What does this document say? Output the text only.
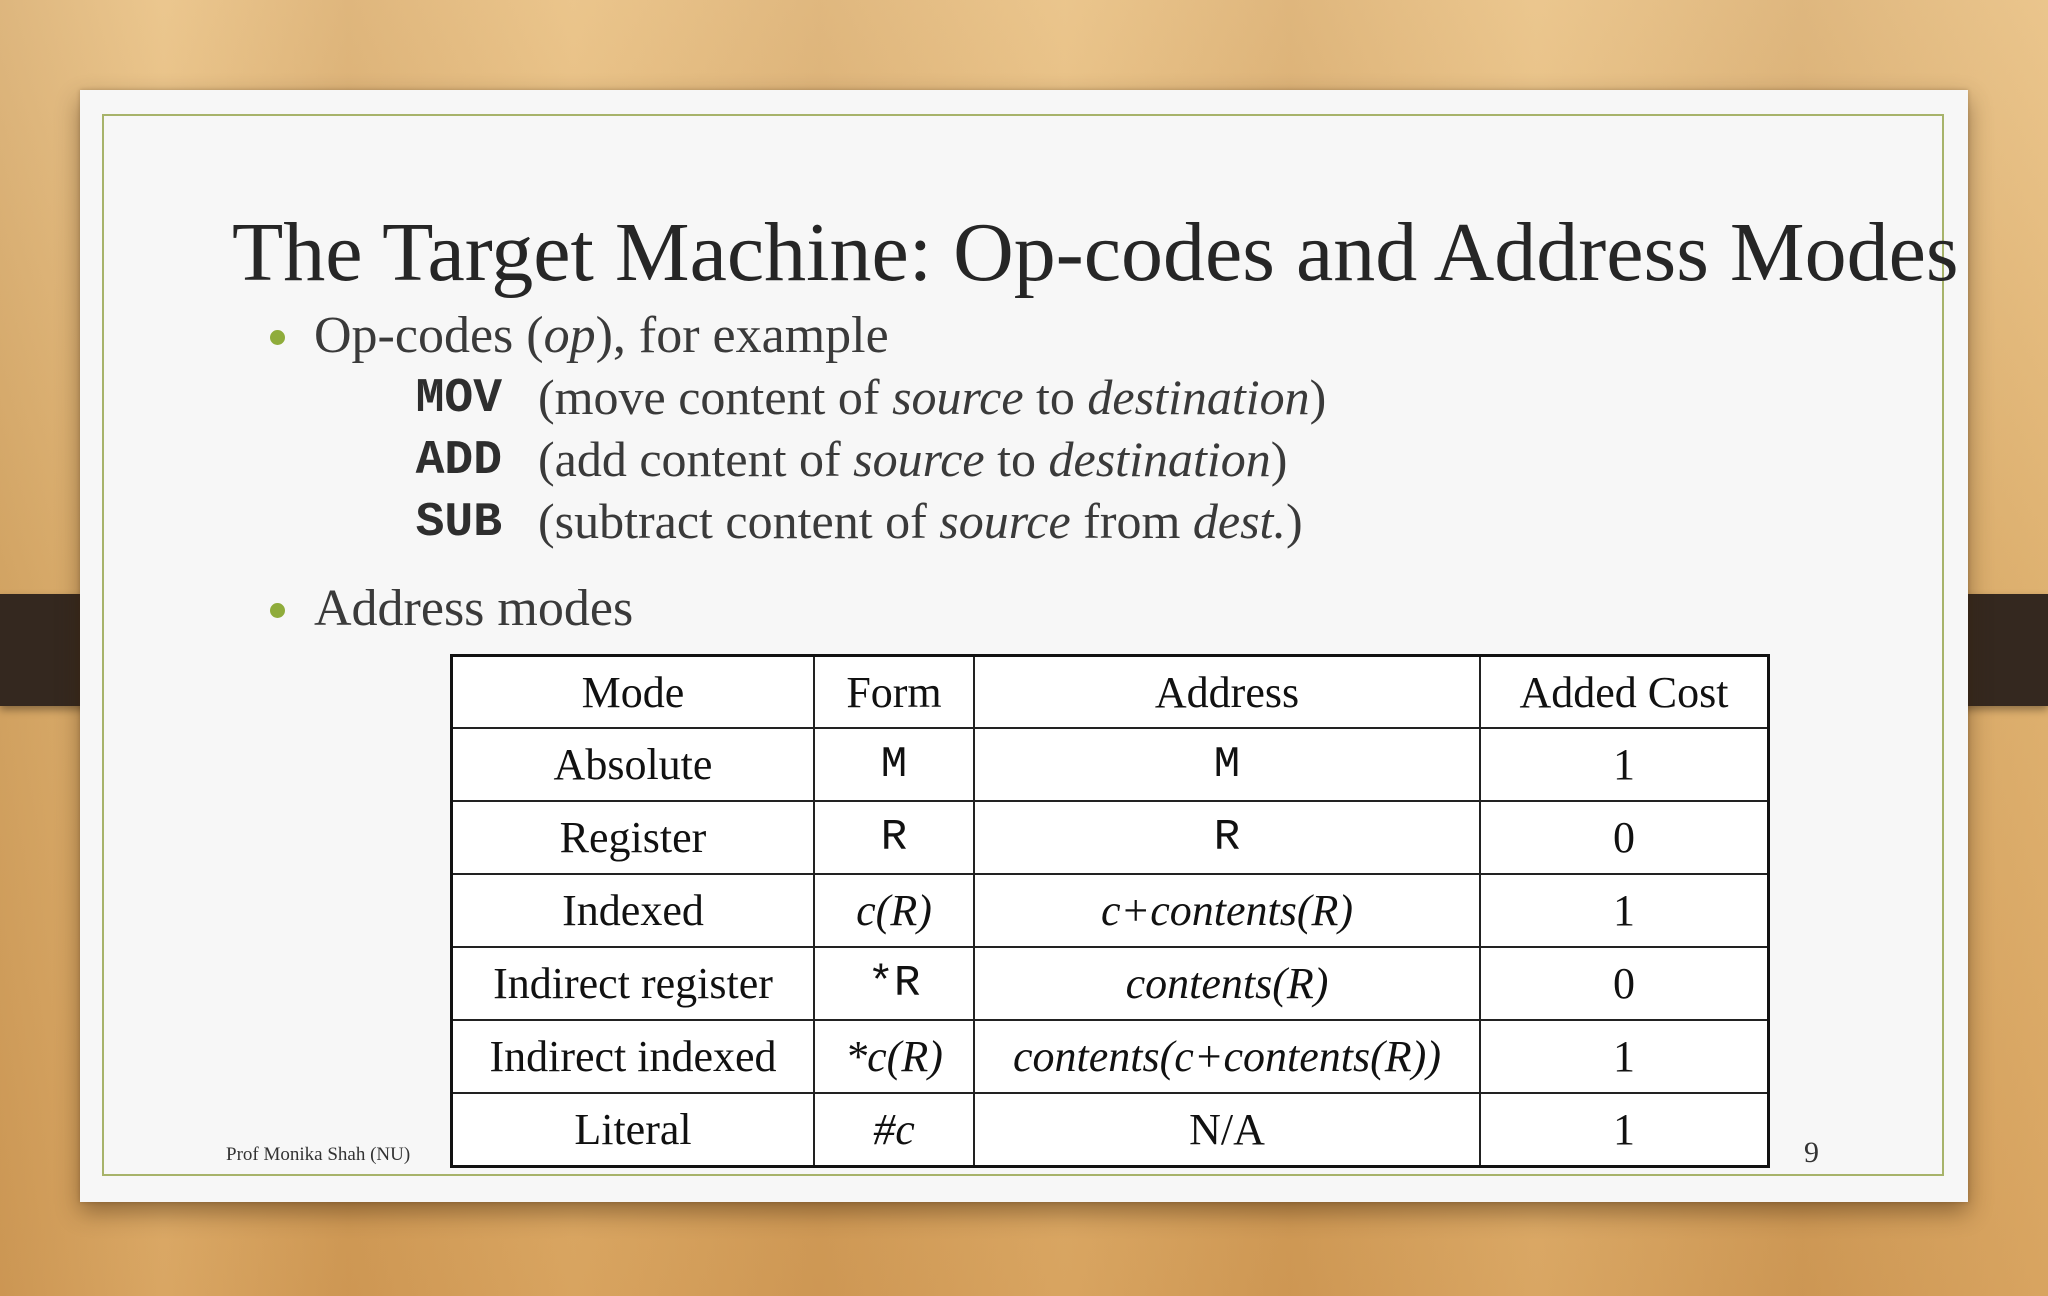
The Target Machine: Op-codes and Address Modes
Op-codes (op), for example
MOV (move content of source to destination)
ADD (add content of source to destination)
SUB (subtract content of source from dest.)
Address modes
Mode	Form	Address	Added Cost
Absolute	M	M	1
Register	R	R	0
Indexed	c(R)	c+contents(R)	1
Indirect register	*R	contents(R)	0
Indirect indexed	*c(R)	contents(c+contents(R))	1
Literal	#c	N/A	1
Prof Monika Shah (NU)	9
